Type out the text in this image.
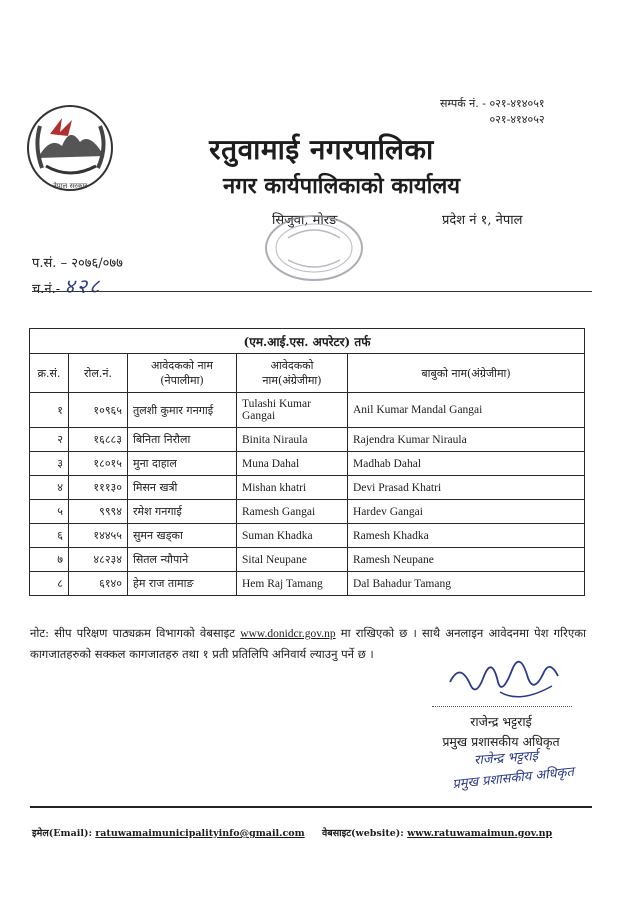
नेपाल सरकार
सम्पर्क नं. - ०२१-४१४०५१
०२१-४१४०५२
रतुवामाई नगरपालिका
नगर कार्यपालिकाको कार्यालय
सिजुवा, मोरङ	प्रदेश नं १, नेपाल
प.सं. – २०७६/०७७
च.नं.- ४२८
(एम.आई.एस. अपरेटर) तर्फ				
क्र.सं.	रोल.नं.	आवेदकको नाम (नेपालीमा)	आवेदकको नाम(अंग्रेजीमा)	बाबुको नाम(अंग्रेजीमा)
१	१०९६५	तुलशी कुमार गनगाई	Tulashi Kumar Gangai	Anil Kumar Mandal Gangai
२	१६८८३	बिनिता निरौला	Binita Niraula	Rajendra Kumar Niraula
३	१८०१५	मुना दाहाल	Muna Dahal	Madhab Dahal
४	१११३०	मिसन खत्री	Mishan khatri	Devi Prasad Khatri
५	९९९४	रमेश गनगाई	Ramesh Gangai	Hardev Gangai
६	१४४५५	सुमन खड्का	Suman Khadka	Ramesh Khadka
७	४८२३४	सितल न्यौपाने	Sital Neupane	Ramesh Neupane
८	६१४०	हेम राज तामाङ	Hem Raj Tamang	Dal Bahadur Tamang
नोट: सीप परिक्षण पाठ्यक्रम विभागको वेबसाइट www.donidcr.gov.np मा राखिएको छ । साथै अनलाइन आवेदनमा पेश गरिएका कागजातहरुको सक्कल कागजातहरु तथा १ प्रती प्रतिलिपि अनिवार्य ल्याउनु पर्ने छ ।
राजेन्द्र भट्टराई
प्रमुख प्रशासकीय अधिकृत
राजेन्द्र भट्टराई
प्रमुख प्रशासकीय अधिकृत
इमेल(Email): ratuwamaimunicipalityinfo@gmail.com वेबसाइट(website): www.ratuwamaimun.gov.np
